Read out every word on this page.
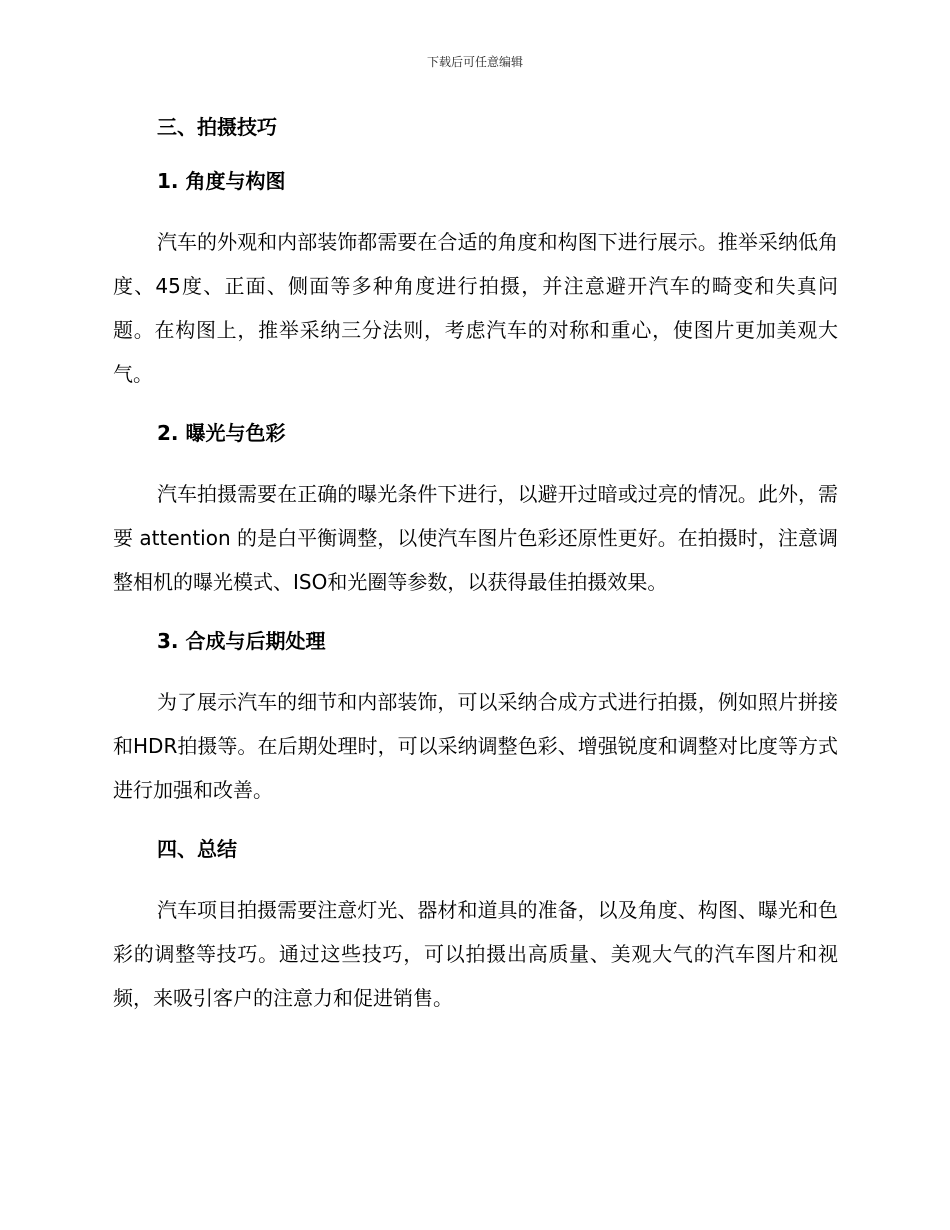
下载后可任意编辑
三、拍摄技巧
1. 角度与构图

汽车的外观和内部装饰都需要在合适的角度和构图下进行展示。推举采纳低角度、45度、正面、侧面等多种角度进行拍摄，并注意避开汽车的畸变和失真问题。在构图上，推举采纳三分法则，考虑汽车的对称和重心，使图片更加美观大气。

2. 曝光与色彩

汽车拍摄需要在正确的曝光条件下进行，以避开过暗或过亮的情况。此外，需要 attention 的是白平衡调整，以使汽车图片色彩还原性更好。在拍摄时，注意调整相机的曝光模式、ISO和光圈等参数，以获得最佳拍摄效果。

3. 合成与后期处理

为了展示汽车的细节和内部装饰，可以采纳合成方式进行拍摄，例如照片拼接和HDR拍摄等。在后期处理时，可以采纳调整色彩、增强锐度和调整对比度等方式进行加强和改善。

四、总结

汽车项目拍摄需要注意灯光、器材和道具的准备，以及角度、构图、曝光和色彩的调整等技巧。通过这些技巧，可以拍摄出高质量、美观大气的汽车图片和视频，来吸引客户的注意力和促进销售。
